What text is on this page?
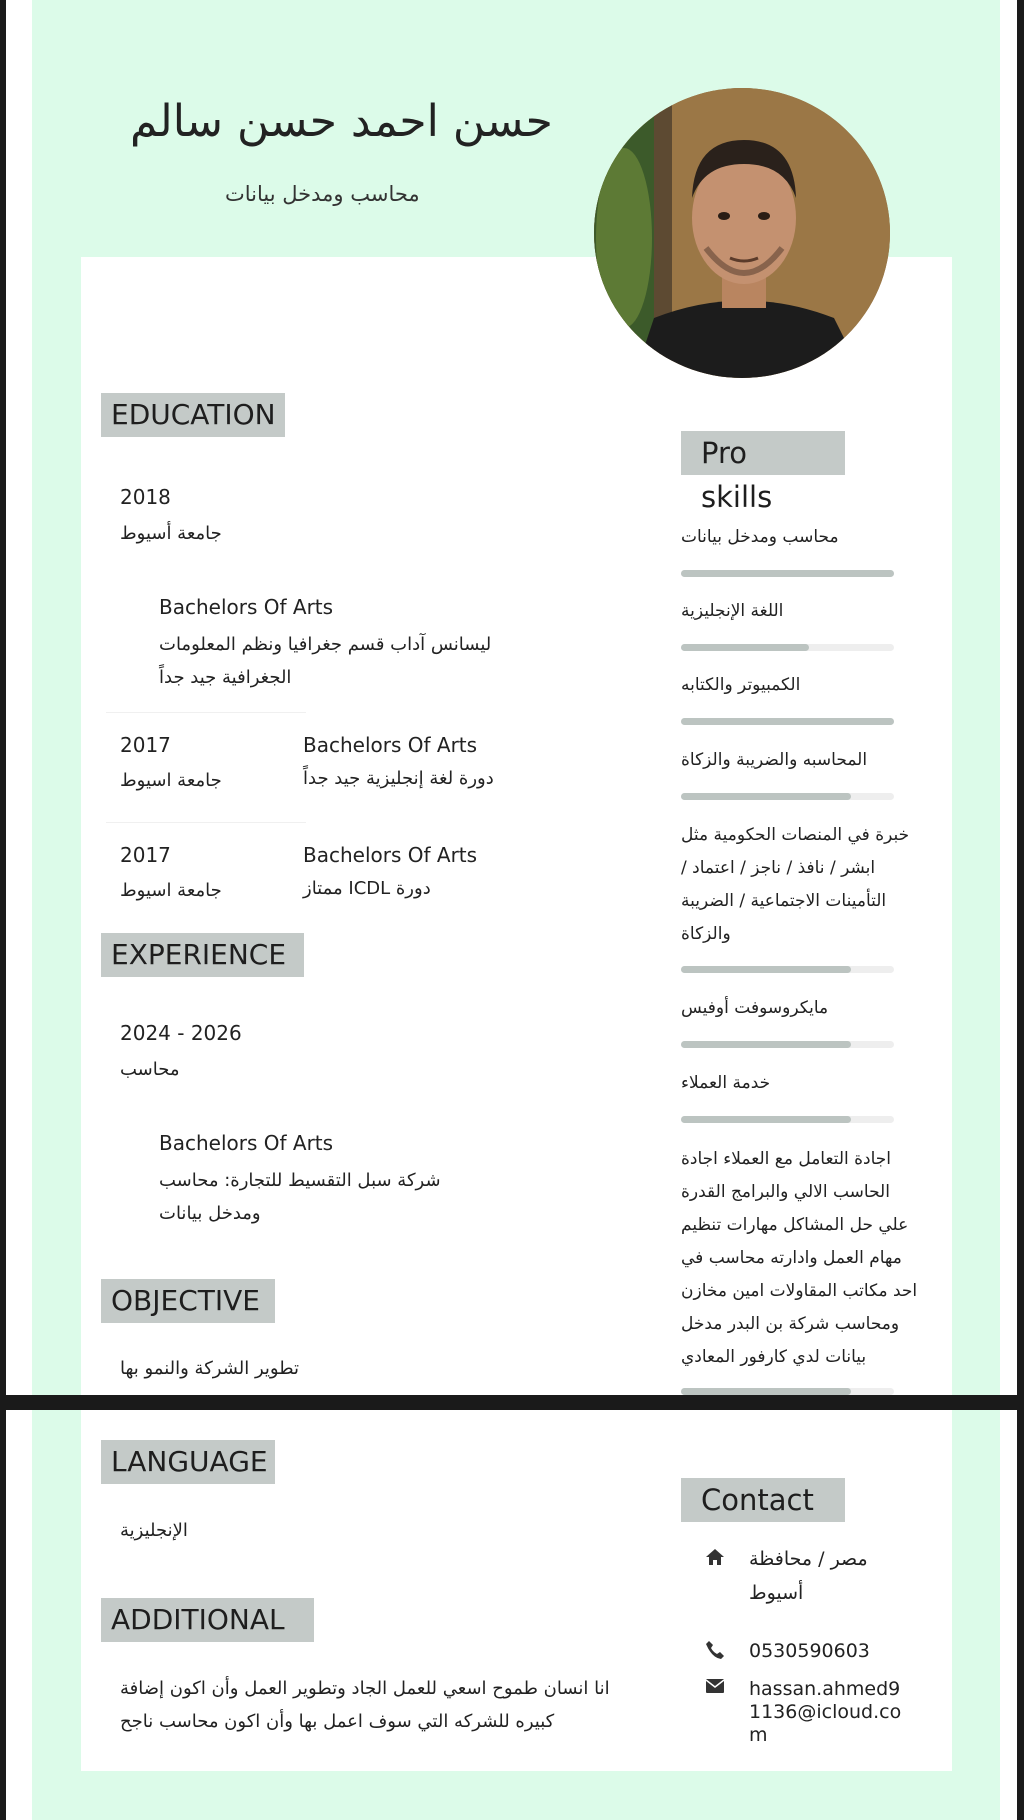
حسن احمد حسن سالم
محاسب ومدخل بيانات
EDUCATION
2018
جامعة أسيوط
Bachelors Of Arts
ليسانس آداب قسم جغرافيا ونظم المعلومات الجغرافية جيد جداً
2017
جامعة اسيوط
Bachelors Of Arts
دورة لغة إنجليزية جيد جداً
2017
جامعة اسيوط
Bachelors Of Arts
دورة ICDL ممتاز
EXPERIENCE
2024 - 2026
محاسب
Bachelors Of Arts
شركة سبل التقسيط للتجارة: محاسب ومدخل بيانات
OBJECTIVE
تطوير الشركة والنمو بها
Pro skills
محاسب ومدخل بيانات
اللغة الإنجليزية
الكمبيوتر والكتابه
المحاسبه والضريبة والزكاة
خبرة في المنصات الحكومية مثل ابشر / نافذ / ناجز / اعتماد / التأمينات الاجتماعية / الضريبة والزكاة
مايكروسوفت أوفيس
خدمة العملاء
اجادة التعامل مع العملاء اجادة الحاسب الالي والبرامج القدرة علي حل المشاكل مهارات تنظيم مهام العمل وادارته محاسب في احد مكاتب المقاولات امين مخازن ومحاسب شركة بن البدر مدخل بيانات لدي كارفور المعادي
LANGUAGE
الإنجليزية
ADDITIONAL
انا انسان طموح اسعي للعمل الجاد وتطوير العمل وأن اكون إضافة كبيره للشركه التي سوف اعمل بها وأن اكون محاسب ناجح
Contact
مصر / محافظة
أسيوط
0530590603
hassan.ahmed9
1136@icloud.co
m
